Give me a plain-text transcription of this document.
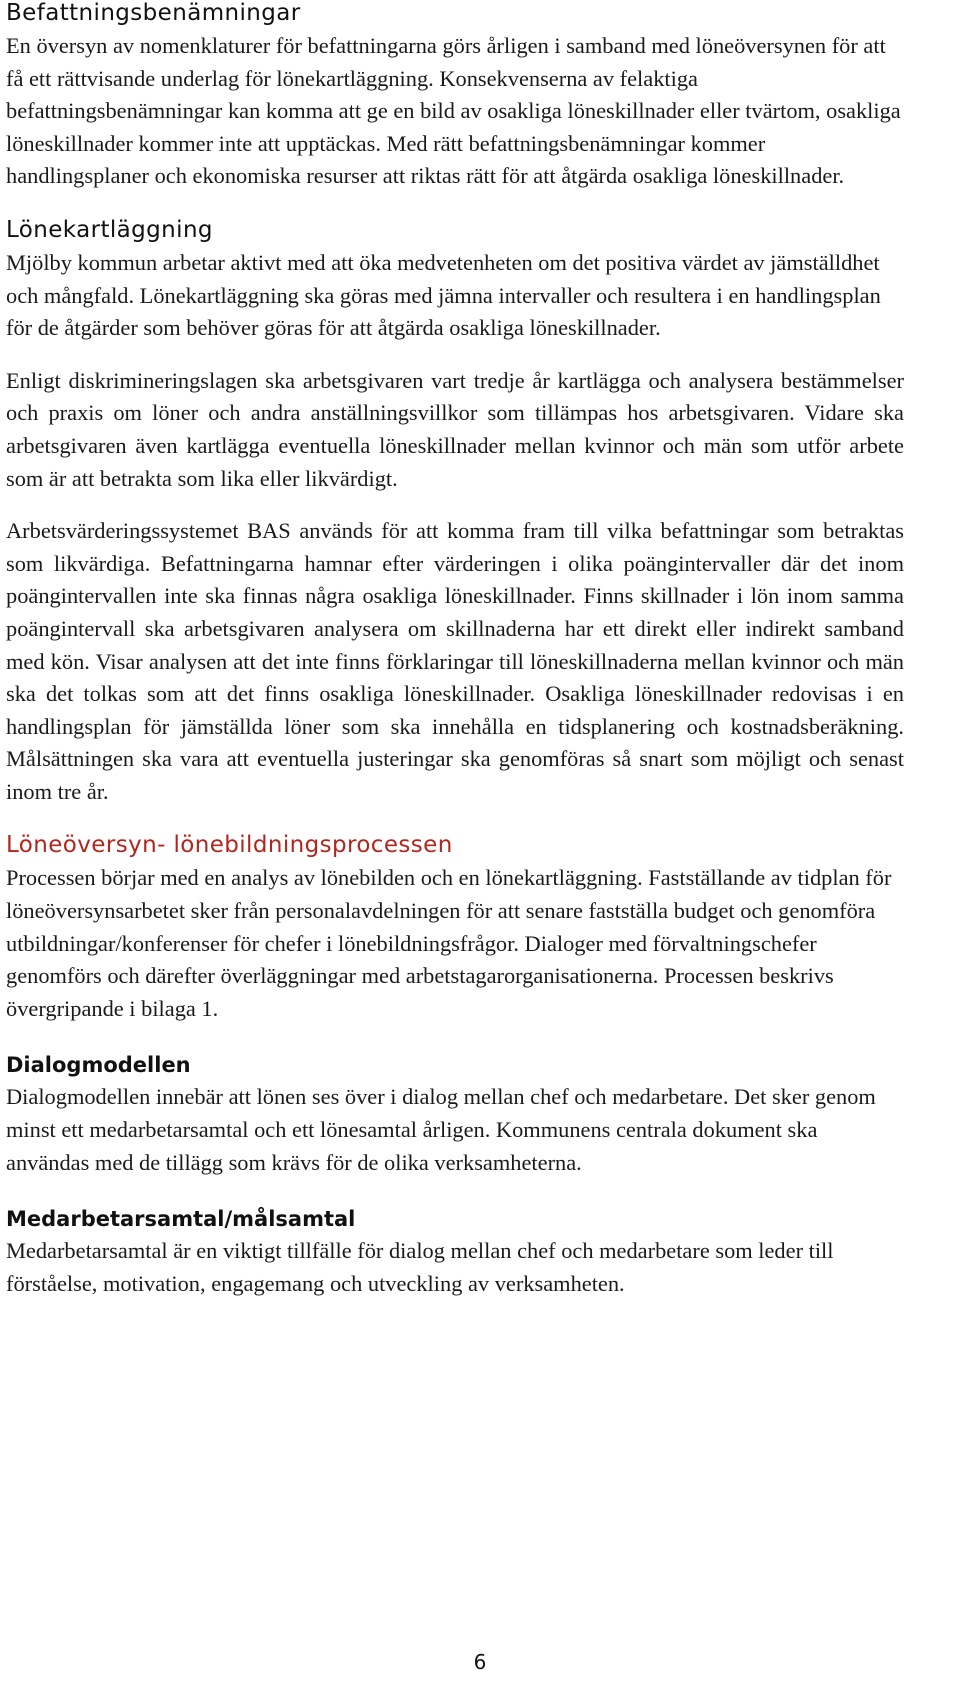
Befattningsbenämningar

En översyn av nomenklaturer för befattningarna görs årligen i samband med löneöversynen för att få ett rättvisande underlag för lönekartläggning. Konsekvenserna av felaktiga befattningsbenämningar kan komma att ge en bild av osakliga löneskillnader eller tvärtom, osakliga löneskillnader kommer inte att upptäckas. Med rätt befattningsbenämningar kommer handlingsplaner och ekonomiska resurser att riktas rätt för att åtgärda osakliga löneskillnader.

Lönekartläggning

Mjölby kommun arbetar aktivt med att öka medvetenheten om det positiva värdet av jämställdhet och mångfald. Lönekartläggning ska göras med jämna intervaller och resultera i en handlingsplan för de åtgärder som behöver göras för att åtgärda osakliga löneskillnader.

Enligt diskrimineringslagen ska arbetsgivaren vart tredje år kartlägga och analysera bestämmelser och praxis om löner och andra anställningsvillkor som tillämpas hos arbetsgivaren. Vidare ska arbetsgivaren även kartlägga eventuella löneskillnader mellan kvinnor och män som utför arbete som är att betrakta som lika eller likvärdigt.

Arbetsvärderingssystemet BAS används för att komma fram till vilka befattningar som betraktas som likvärdiga. Befattningarna hamnar efter värderingen i olika poängintervaller där det inom poängintervallen inte ska finnas några osakliga löneskillnader. Finns skillnader i lön inom samma poängintervall ska arbetsgivaren analysera om skillnaderna har ett direkt eller indirekt samband med kön. Visar analysen att det inte finns förklaringar till löneskillnaderna mellan kvinnor och män ska det tolkas som att det finns osakliga löneskillnader. Osakliga löneskillnader redovisas i en handlingsplan för jämställda löner som ska innehålla en tidsplanering och kostnadsberäkning. Målsättningen ska vara att eventuella justeringar ska genomföras så snart som möjligt och senast inom tre år.

Löneöversyn- lönebildningsprocessen

Processen börjar med en analys av lönebilden och en lönekartläggning. Fastställande av tidplan för löneöversynsarbetet sker från personalavdelningen för att senare fastställa budget och genomföra utbildningar/konferenser för chefer i lönebildningsfrågor. Dialoger med förvaltningschefer genomförs och därefter överläggningar med arbetstagarorganisationerna. Processen beskrivs övergripande i bilaga 1.

Dialogmodellen

Dialogmodellen innebär att lönen ses över i dialog mellan chef och medarbetare. Det sker genom minst ett medarbetarsamtal och ett lönesamtal årligen. Kommunens centrala dokument ska användas med de tillägg som krävs för de olika verksamheterna.

Medarbetarsamtal/målsamtal

Medarbetarsamtal är en viktigt tillfälle för dialog mellan chef och medarbetare som leder till förståelse, motivation, engagemang och utveckling av verksamheten.

6
